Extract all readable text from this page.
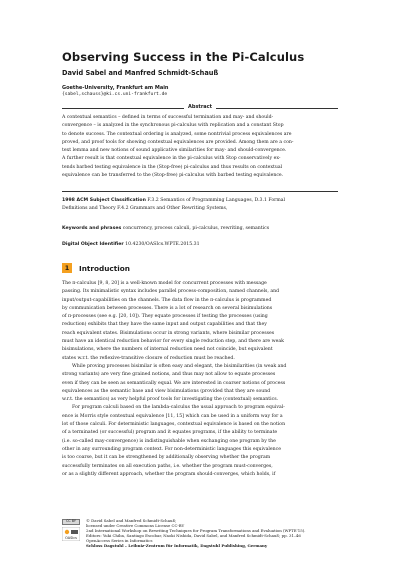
Observing Success in the Pi-Calculus
David Sabel and Manfred Schmidt-Schauß
Goethe-University, Frankfurt am Main
{sabel,schauss}@ki.cs.uni-frankfurt.de
Abstract
A contextual semantics – defined in terms of successful termination and may- and should-
convergence – is analyzed in the synchronous pi-calculus with replication and a constant Stop
to denote success. The contextual ordering is analyzed, some nontrivial process equivalences are
proved, and proof tools for showing contextual equivalences are provided. Among them are a con-
text lemma and new notions of sound applicative similarities for may- and should-convergence.
A further result is that contextual equivalence in the pi-calculus with Stop conservatively ex-
tends barbed testing equivalence in the (Stop-free) pi-calculus and thus results on contextual
equivalence can be transferred to the (Stop-free) pi-calculus with barbed testing equivalence.
1998 ACM Subject Classification F.3.2 Semantics of Programming Languages, D.3.1 Formal
Definitions and Theory F.4.2 Grammars and Other Rewriting Systems,
Keywords and phrases concurrency, process calculi, pi-calculus, rewriting, semantics
Digital Object Identifier 10.4230/OASIcs.WPTE.2015.31
1	Introduction

The π-calculus [9, 8, 20] is a well-known model for concurrent processes with message
passing. Its minimalistic syntax includes parallel process-composition, named channels, and
input/output-capabilities on the channels. The data flow in the π-calculus is programmed
by communication between processes. There is a lot of research on several bisimulations
of π-processes (see e.g. [20, 10]). They equate processes if testing the processes (using
reduction) exhibits that they have the same input and output capabilities and that they
reach equivalent states. Bisimulations occur in strong variants, where bisimilar processes
must have an identical reduction behavior for every single reduction step, and there are weak
bisimulations, where the numbers of internal reduction need not coincide, but equivalent
states w.r.t. the reflexive-transitive closure of reduction must be reached.

While proving processes bisimilar is often easy and elegant, the bisimilarities (in weak and
strong variants) are very fine grained notions, and thus may not allow to equate processes
even if they can be seen as semantically equal. We are interested in coarser notions of process
equivalences as the semantic base and view bisimulations (provided that they are sound
w.r.t. the semantics) as very helpful proof tools for investigating the (contextual) semantics.

For program calculi based on the lambda-calculus the usual approach to program equival-
ence is Morris style contextual equivalence [11, 15] which can be used in a uniform way for a
lot of those calculi. For deterministic languages, contextual equivalence is based on the notion
of a terminated (or successful) program and it equates programs, if the ability to terminate
(i.e. so-called may-convergence) is indistinguishable when exchanging one program by the
other in any surrounding program context. For non-deterministic languages this equivalence
is too coarse, but it can be strengthened by additionally observing whether the program
successfully terminates on all execution paths, i.e. whether the program must-converges,
or as a slightly different approach, whether the program should-converges, which holds, if

CC BY
OASIcs
© David Sabel and Manfred Schmidt-Schauß;
licensed under Creative Commons License CC-BY
2nd International Workshop on Rewriting Techniques for Program Transformations and Evaluation (WPTE’15).
Editors: Yuki Chiba, Santiago Escobar, Naoki Nishida, David Sabel, and Manfred Schmidt-Schauß; pp. 31–46
OpenAccess Series in Informatics
Schloss Dagstuhl – Leibniz-Zentrum für Informatik, Dagstuhl Publishing, Germany
